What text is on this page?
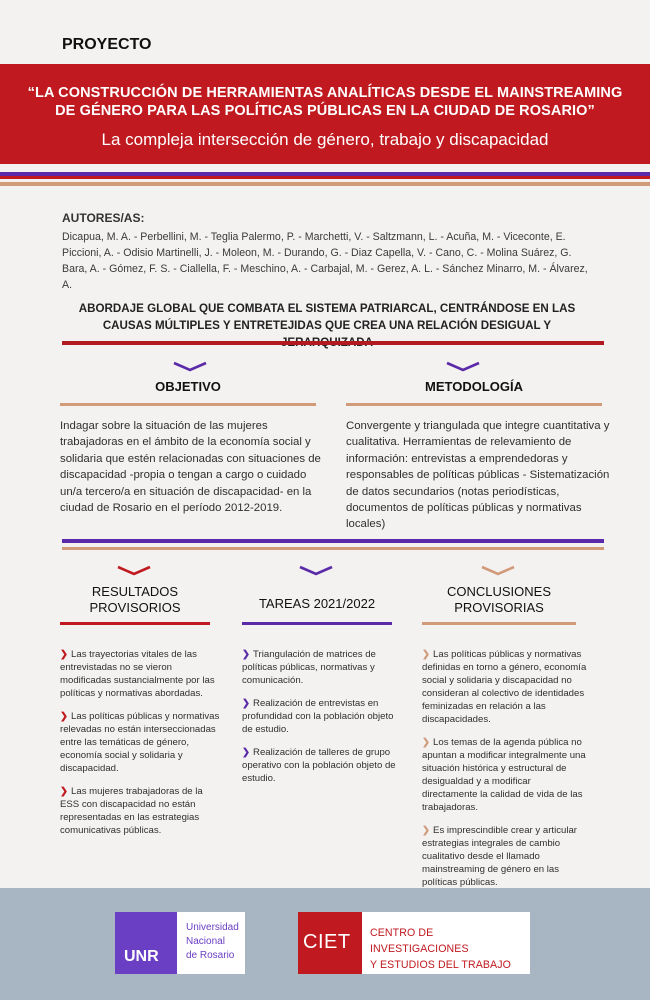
PROYECTO
“LA CONSTRUCCIÓN DE HERRAMIENTAS ANALÍTICAS DESDE EL MAINSTREAMING DE GÉNERO PARA LAS POLÍTICAS PÚBLICAS EN LA CIUDAD DE ROSARIO”
La compleja intersección de género, trabajo y discapacidad
AUTORES/AS:
Dicapua, M. A. - Perbellini, M. - Teglia Palermo, P. - Marchetti, V. - Saltzmann, L. - Acuña, M. - Viceconte, E. Piccioni, A. - Odisio Martinelli, J. - Moleon, M. - Durando, G. - Diaz Capella, V. - Cano, C. - Molina Suárez, G. Bara, A. - Gómez, F. S. - Ciallella, F. - Meschino, A. - Carbajal, M. - Gerez, A. L. - Sánchez Minarro, M. - Álvarez, A.
ABORDAJE GLOBAL QUE COMBATA EL SISTEMA PATRIARCAL, CENTRÁNDOSE EN LAS CAUSAS MÚLTIPLES Y ENTRETEJIDAS QUE CREA UNA RELACIÓN DESIGUAL Y
OBJETIVO
Indagar sobre la situación de las mujeres trabajadoras en el ámbito de la economía social y solidaria que estén relacionadas con situaciones de discapacidad -propia o tengan a cargo o cuidado un/a tercero/a en situación de discapacidad- en la ciudad de Rosario en el período 2012-2019.
METODOLOGÍA
Convergente y triangulada que integre cuantitativa y cualitativa. Herramientas de relevamiento de información: entrevistas a emprendedoras y responsables de políticas públicas - Sistematización de datos secundarios (notas periodísticas, documentos de políticas públicas y normativas locales)
RESULTADOS
PROVISORIOS
❯ Las trayectorias vitales de las entrevistadas no se vieron modificadas sustancialmente por las políticas y normativas abordadas.
❯ Las políticas públicas y normativas relevadas no están interseccionadas entre las temáticas de género, economía social y solidaria y discapacidad.
❯ Las mujeres trabajadoras de la ESS con discapacidad no están representadas en las estrategias comunicativas públicas.
TAREAS 2021/2022
❯ Triangulación de matrices de políticas públicas, normativas y comunicación.
❯ Realización de entrevistas en profundidad con la población objeto de estudio.
❯ Realización de talleres de grupo operativo con la población objeto de estudio.
CONCLUSIONES
PROVISORIAS
❯ Las políticas públicas y normativas definidas en torno a género, economía social y solidaria y discapacidad no consideran al colectivo de identidades feminizadas en relación a las discapacidades.
❯ Los temas de la agenda pública no apuntan a modificar integralmente una situación histórica y estructural de desigualdad y a modificar directamente la calidad de vida de las trabajadoras.
❯ Es imprescindible crear y articular estrategias integrales de cambio cualitativo desde el llamado mainstreaming de género en las políticas públicas.
UNR
Universidad
Nacional
de Rosario
CIET CENTRO DE INVESTIGACIONES
Y ESTUDIOS DEL TRABAJO
